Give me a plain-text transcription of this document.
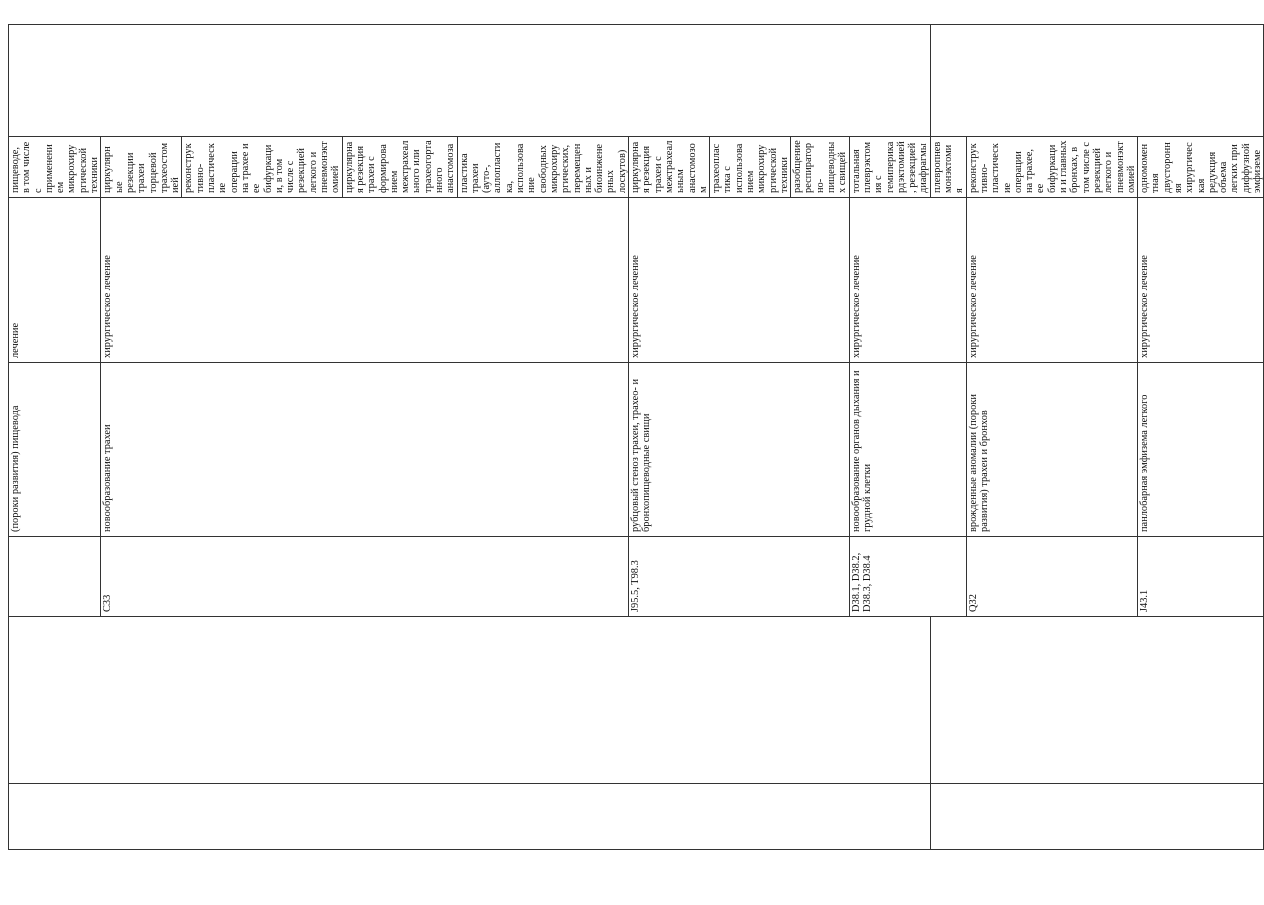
			(пороки развития) пищевода	лечение	пищеводе, в том числе с применением микрохирургической техники	
		C33	новообразование трахеи	хирургическое лечение	циркулярные резекции трахеи торцевой трахеостомией	
					реконструктивно-пластические операции на трахее и ее бифуркации, в том числе с резекцией легкого и пневмонэктомией	
					циркулярная резекция трахеи с формированием межтрахеального или трахеогортанного анастомоза	
					пластика трахеи (ауто-, аллопластика, использование свободных микрохирургических, перемещенных и биоинженерных лоскутов)	
		J95.5, T98.3	рубцовый стеноз трахеи, трахео- и бронхопищеводные свищи	хирургическое лечение	циркулярная резекция трахеи с межтрахеальным анастомозом	
					трахеопластика с использованием микрохирургической техники	
					разобщение респираторно-пищеводных свищей	
		D38.1, D38.2, D38.3, D38.4	новообразование органов дыхания и грудной клетки	хирургическое лечение	тотальная плеврэктомия с гемиперикардэктомией, резекцией диафрагмы	
					плевропневмонэктомия	
		Q32	врожденные аномалии (пороки развития) трахеи и бронхов	хирургическое лечение	реконструктивно-пластические операции на трахее, ее бифуркации и главных бронхах, в том числе с резекцией легкого и пневмонэктомией	
		J43.1	панлобарная эмфизема легкого	хирургическое лечение	одномоментная двусторонняя хирургическая редукция объема легких при диффузной эмфиземе	
